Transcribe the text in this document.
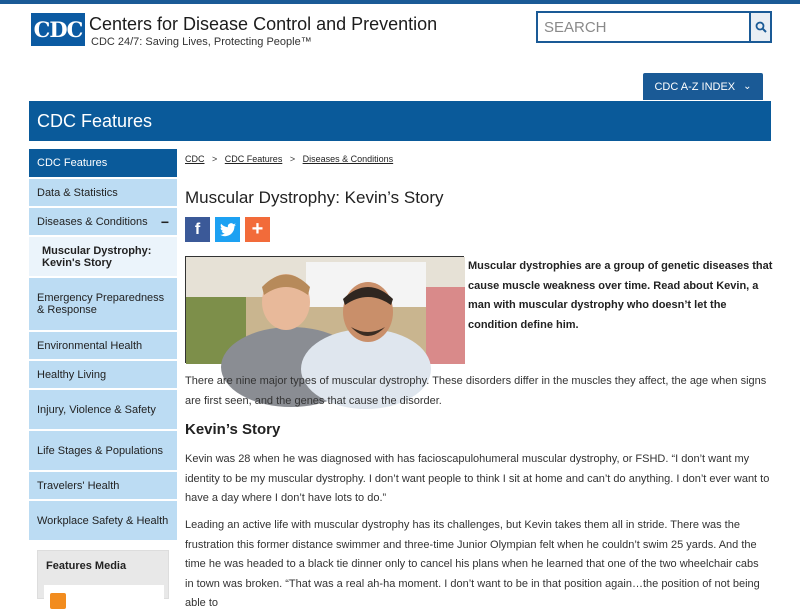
CDC Centers for Disease Control and Prevention
CDC 24/7: Saving Lives, Protecting People™
SEARCH
CDC A-Z INDEX ⌄
CDC Features
CDC Features
Data & Statistics
Diseases & Conditions −
Muscular Dystrophy: Kevin's Story
Emergency Preparedness & Response
Environmental Health
Healthy Living
Injury, Violence & Safety
Life Stages & Populations
Travelers' Health
Workplace Safety & Health
Features Media
CDC > CDC Features > Diseases & Conditions
Muscular Dystrophy: Kevin’s Story
f	+

Muscular dystrophies are a group of genetic diseases that cause muscle weakness over time. Read about Kevin, a man with muscular dystrophy who doesn’t let the condition define him.

There are nine major types of muscular dystrophy. These disorders differ in the muscles they affect, the age when signs are first seen, and the genes that cause the disorder.

Kevin’s Story

Kevin was 28 when he was diagnosed with has facioscapulohumeral muscular dystrophy, or FSHD. “I don’t want my identity to be my muscular dystrophy. I don’t want people to think I sit at home and can’t do anything. I don’t ever want to have a day where I don’t have lots to do.”

Leading an active life with muscular dystrophy has its challenges, but Kevin takes them all in stride. There was the frustration this former distance swimmer and three-time Junior Olympian felt when he couldn’t swim 25 yards. And the time he was headed to a black tie dinner only to cancel his plans when he learned that one of the two wheelchair cabs in town was broken. “That was a real ah-ha moment. I don’t want to be in that position again…the position of not being able to
